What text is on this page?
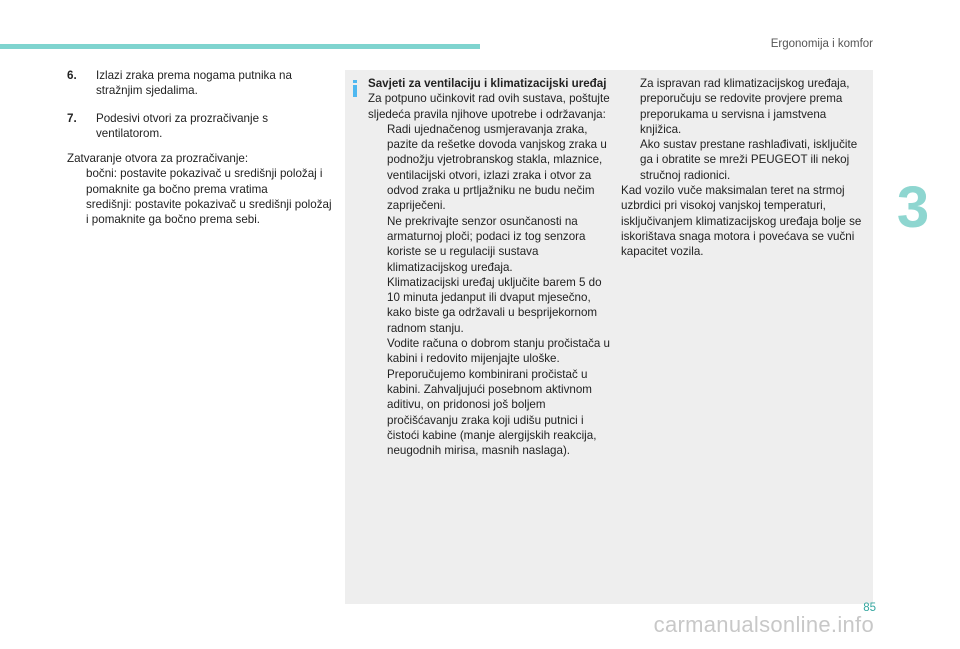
Ergonomija i komfor
3
6. Izlazi zraka prema nogama putnika na stražnjim sjedalima.
7. Podesivi otvori za prozračivanje s ventilatorom.

Zatvaranje otvora za prozračivanje:

bočni: postavite pokazivač u središnji položaj i pomaknite ga bočno prema vratima
središnji: postavite pokazivač u središnji položaj i pomaknite ga bočno prema sebi.

Savjeti za ventilaciju i klimatizacijski uređaj

Za potpuno učinkovit rad ovih sustava, poštujte sljedeća pravila njihove upotrebe i održavanja:

Radi ujednačenog usmjeravanja zraka, pazite da rešetke dovoda vanjskog zraka u podnožju vjetrobranskog stakla, mlaznice, ventilacijski otvori, izlazi zraka i otvor za odvod zraka u prtljažniku ne budu nečim zapriječeni.
Ne prekrivajte senzor osunčanosti na armaturnoj ploči; podaci iz tog senzora koriste se u regulaciji sustava klimatizacijskog uređaja.
Klimatizacijski uređaj uključite barem 5 do 10 minuta jedanput ili dvaput mjesečno, kako biste ga održavali u besprijekornom radnom stanju.
Vodite računa o dobrom stanju pročistača u kabini i redovito mijenjajte uloške. Preporučujemo kombinirani pročistač u kabini. Zahvaljujući posebnom aktivnom aditivu, on pridonosi još boljem pročišćavanju zraka koji udišu putnici i čistoći kabine (manje alergijskih reakcija, neugodnih mirisa, masnih naslaga).
Za ispravan rad klimatizacijskog uređaja, preporučuju se redovite provjere prema preporukama u servisna i jamstvena knjižica.
Ako sustav prestane rashlađivati, isključite ga i obratite se mreži PEUGEOT ili nekoj stručnoj radionici.

Kad vozilo vuče maksimalan teret na strmoj uzbrdici pri visokoj vanjskoj temperaturi, isključivanjem klimatizacijskog uređaja bolje se iskorištava snaga motora i povećava se vučni kapacitet vozila.

85
carmanualsonline.info
